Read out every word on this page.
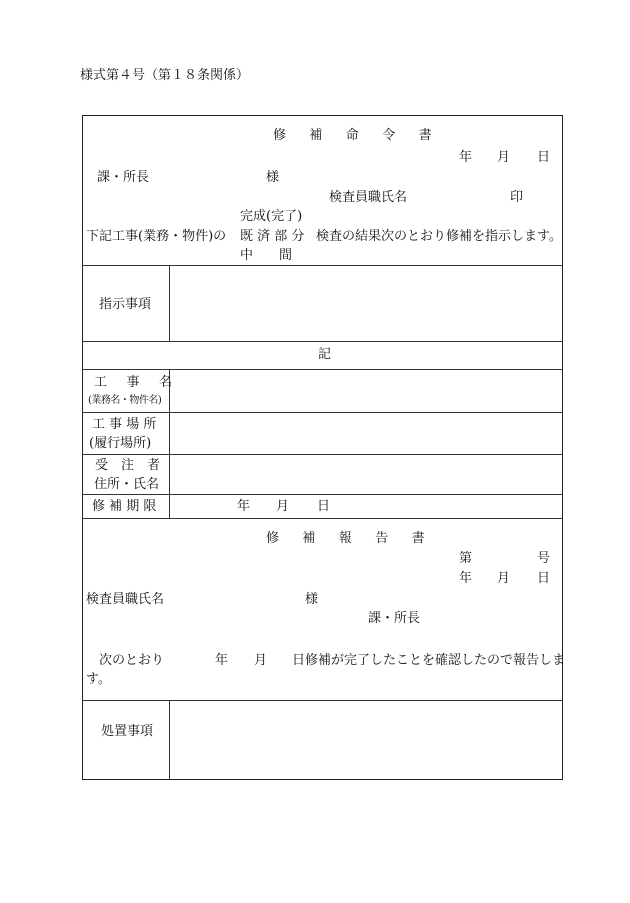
様式第４号（第１８条関係）
修　補　命　令　書
年 月 日
課・所長	様
検査員職氏名	印
完成(完了)
下記工事(業務・物件)の 既 済 部 分 検査の結果次のとおり修補を指示します。
中　　間
指示事項
記
工　事　名
(業務名・物件名)
工 事 場 所
(履行場所)
受　注　者
住所・氏名
修 補 期 限	年 月 日
修　補　報　告　書
第	号
年 月 日
検査員職氏名	様
課・所長
次のとおり	年 月 日修補が完了したことを確認したので報告しま
す。
処置事項
